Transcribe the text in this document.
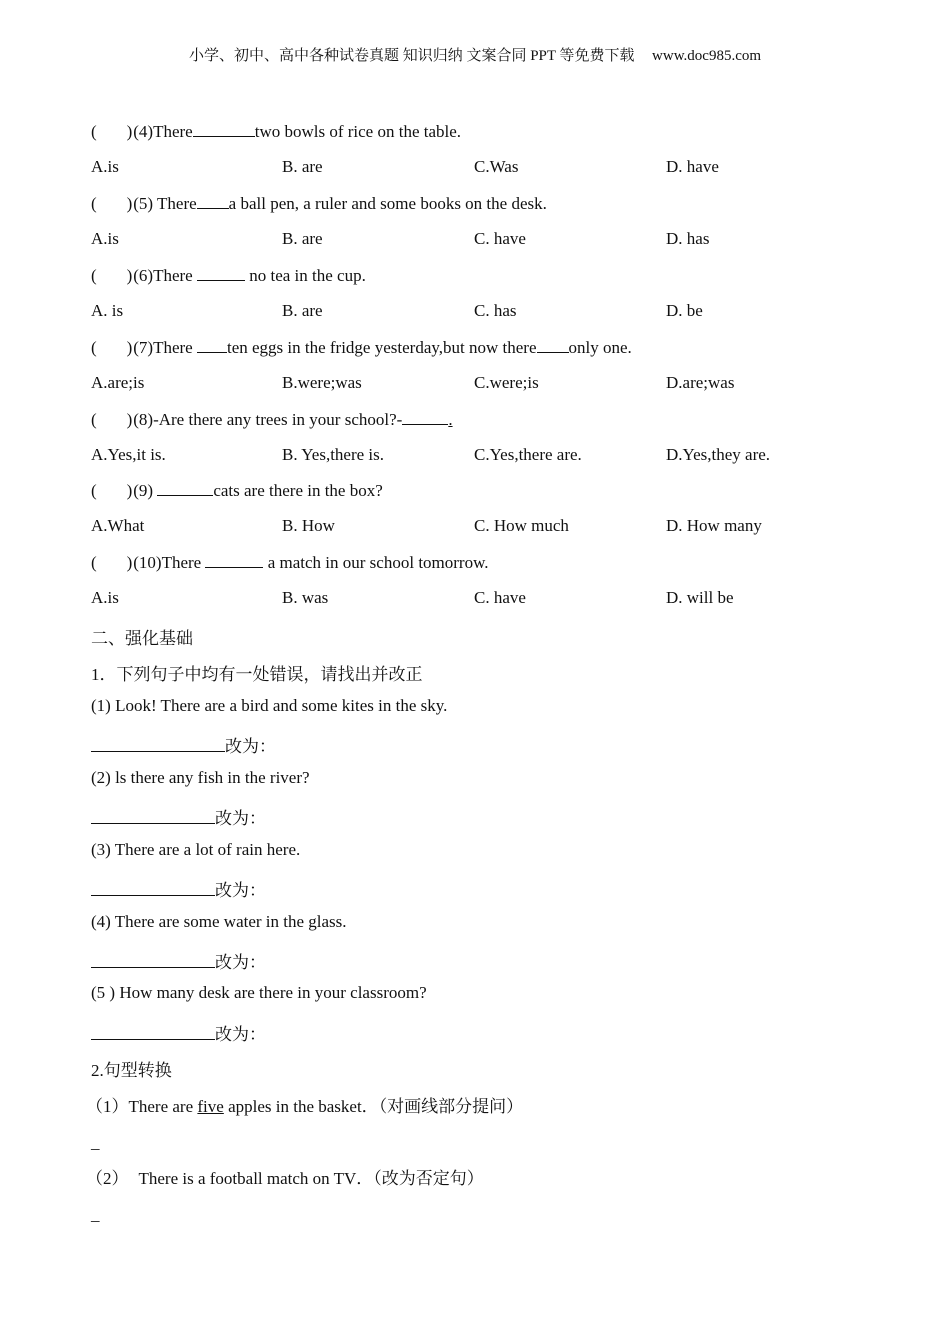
小学、初中、高中各种试卷真题 知识归纳 文案合同 PPT 等免费下载 www.doc985.com
( ) (4)There	two bowls of rice on the table.
A.is	B. are	C.Was	D. have
( ) (5) There a ball pen, a ruler and some books on the desk.
A.is	B. are	C. have	D. has
( ) (6)There	no tea in the cup.
A. is	B. are	C. has	D. be
( ) (7)There ten eggs in the fridge yesterday,but now there only one.
A.are;is	B.were;was	C.were;is	D.are;was
( ) (8)-Are there any trees in your school?-	.
A.Yes,it is.	B. Yes,there is.	C.Yes,there are.	D.Yes,they are.
( ) (9)	cats are there in the box?
A.What	B. How	C. How much	D. How many
( ) (10)There	a match in our school tomorrow.
A.is	B. was	C. have	D. will be
二、强化基础
1．下列句子中均有一处错误，请找出并改正
(1) Look! There are a bird and some kites in the sky.
改为：
(2) ls there any fish in the river?
改为：
(3) There are a lot of rain here.
改为：
(4) There are some water in the glass.
改为：
(5 ) How many desk are there in your classroom?
改为：
2.句型转换
（1）There are five apples in the basket．（对画线部分提问）
_
（2） There is a football match on TV．（改为否定句）
_
